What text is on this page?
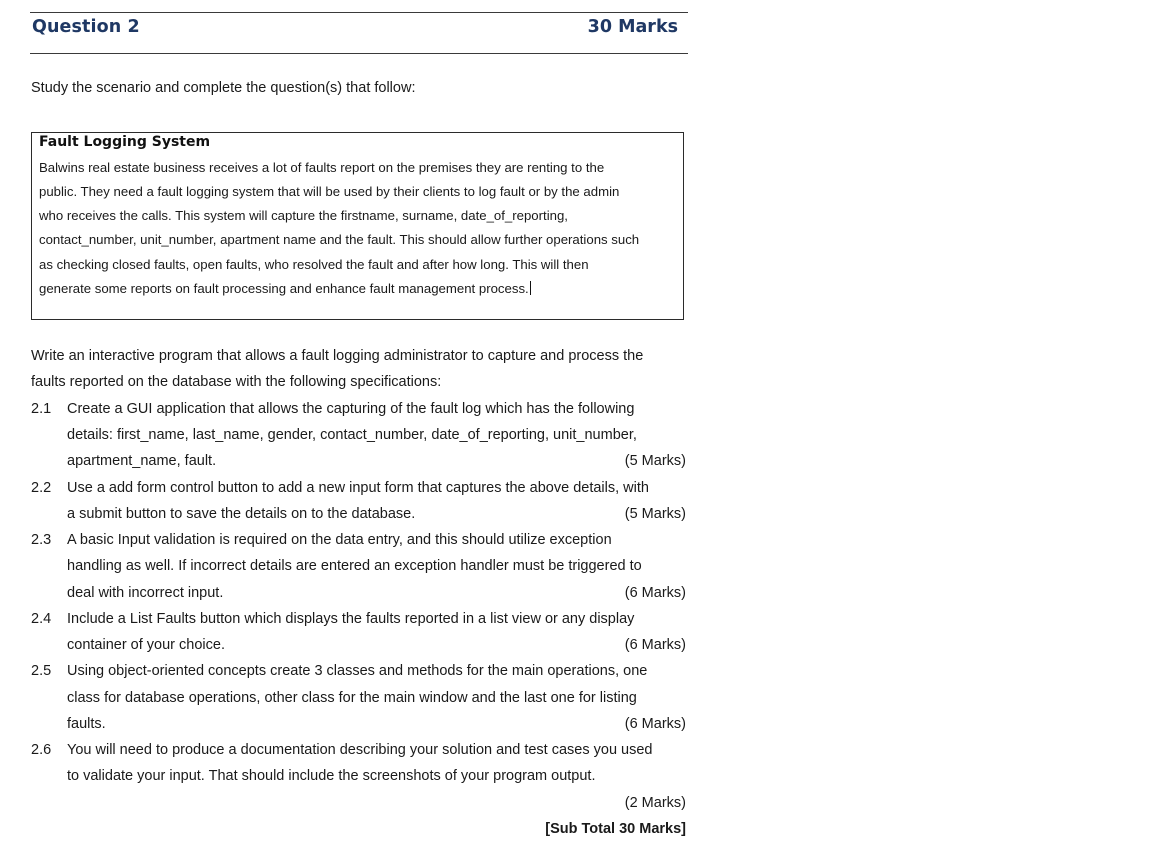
Question 2	30 Marks
Study the scenario and complete the question(s) that follow:
Fault Logging System
Balwins real estate business receives a lot of faults report on the premises they are renting to the
public. They need a fault logging system that will be used by their clients to log fault or by the admin
who receives the calls. This system will capture the firstname, surname, date_of_reporting,
contact_number, unit_number, apartment name and the fault. This should allow further operations such
as checking closed faults, open faults, who resolved the fault and after how long. This will then
generate some reports on fault processing and enhance fault management process.
Write an interactive program that allows a fault logging administrator to capture and process the
faults reported on the database with the following specifications:
2.1 Create a GUI application that allows the capturing of the fault log which has the following
details: first_name, last_name, gender, contact_number, date_of_reporting, unit_number,
apartment_name, fault.	(5 Marks)
2.2 Use a add form control button to add a new input form that captures the above details, with
a submit button to save the details on to the database.	(5 Marks)
2.3 A basic Input validation is required on the data entry, and this should utilize exception
handling as well. If incorrect details are entered an exception handler must be triggered to
deal with incorrect input.	(6 Marks)
2.4 Include a List Faults button which displays the faults reported in a list view or any display
container of your choice.	(6 Marks)
2.5 Using object-oriented concepts create 3 classes and methods for the main operations, one
class for database operations, other class for the main window and the last one for listing
faults.	(6 Marks)
2.6 You will need to produce a documentation describing your solution and test cases you used
to validate your input. That should include the screenshots of your program output.
(2 Marks)
[Sub Total 30 Marks]
